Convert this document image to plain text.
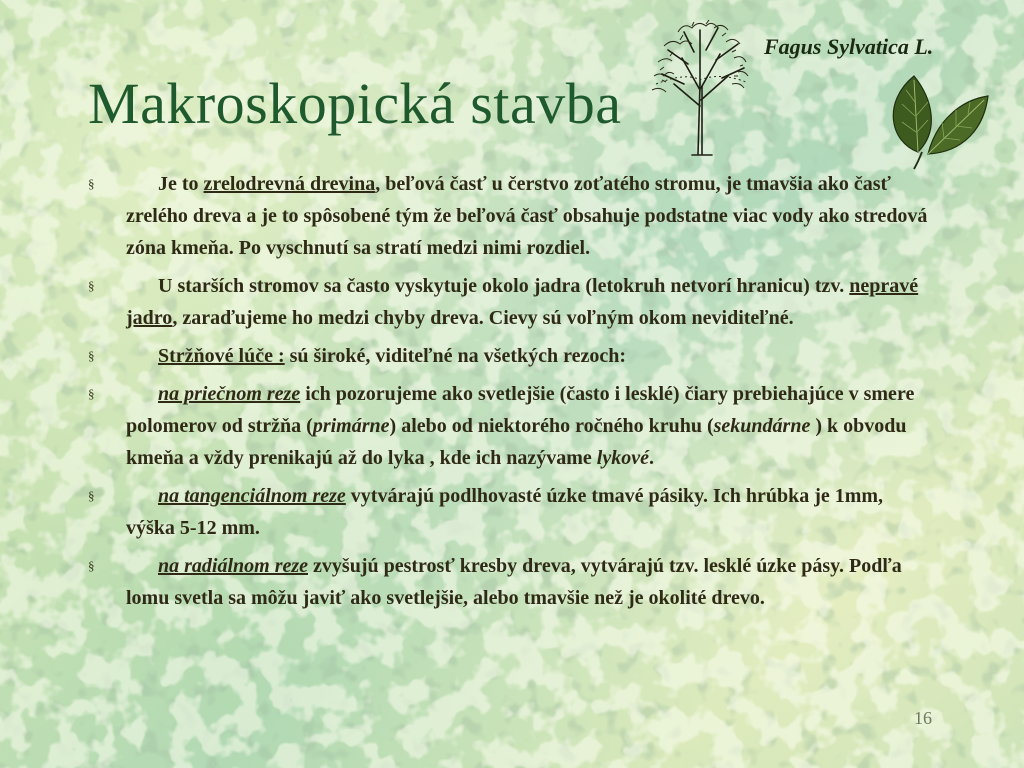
Makroskopická stavba
Fagus Sylvatica L.
§	Je to zrelodrevná drevina, beľová časť u čerstvo zoťatého stromu, je tmavšia ako časť zrelého dreva a je to spôsobené tým že beľová časť obsahuje podstatne viac vody ako stredová zóna kmeňa. Po vyschnutí sa stratí medzi nimi rozdiel.
§	U starších stromov sa často vyskytuje okolo jadra (letokruh netvorí hranicu) tzv. nepravé jadro, zaraďujeme ho medzi chyby dreva. Cievy sú voľným okom neviditeľné.
§	Stržňové lúče : sú široké, viditeľné na všetkých rezoch:
§	na priečnom reze ich pozorujeme ako svetlejšie (často i lesklé) čiary prebiehajúce v smere polomerov od stržňa (primárne) alebo od niektorého ročného kruhu (sekundárne ) k obvodu kmeňa a vždy prenikajú až do lyka , kde ich nazývame lykové.
§	na tangenciálnom reze vytvárajú podlhovasté úzke tmavé pásiky. Ich hrúbka je 1mm, výška 5-12 mm.
§	na radiálnom reze zvyšujú pestrosť kresby dreva, vytvárajú tzv. lesklé úzke pásy. Podľa lomu svetla sa môžu javiť ako svetlejšie, alebo tmavšie než je okolité drevo.
16
